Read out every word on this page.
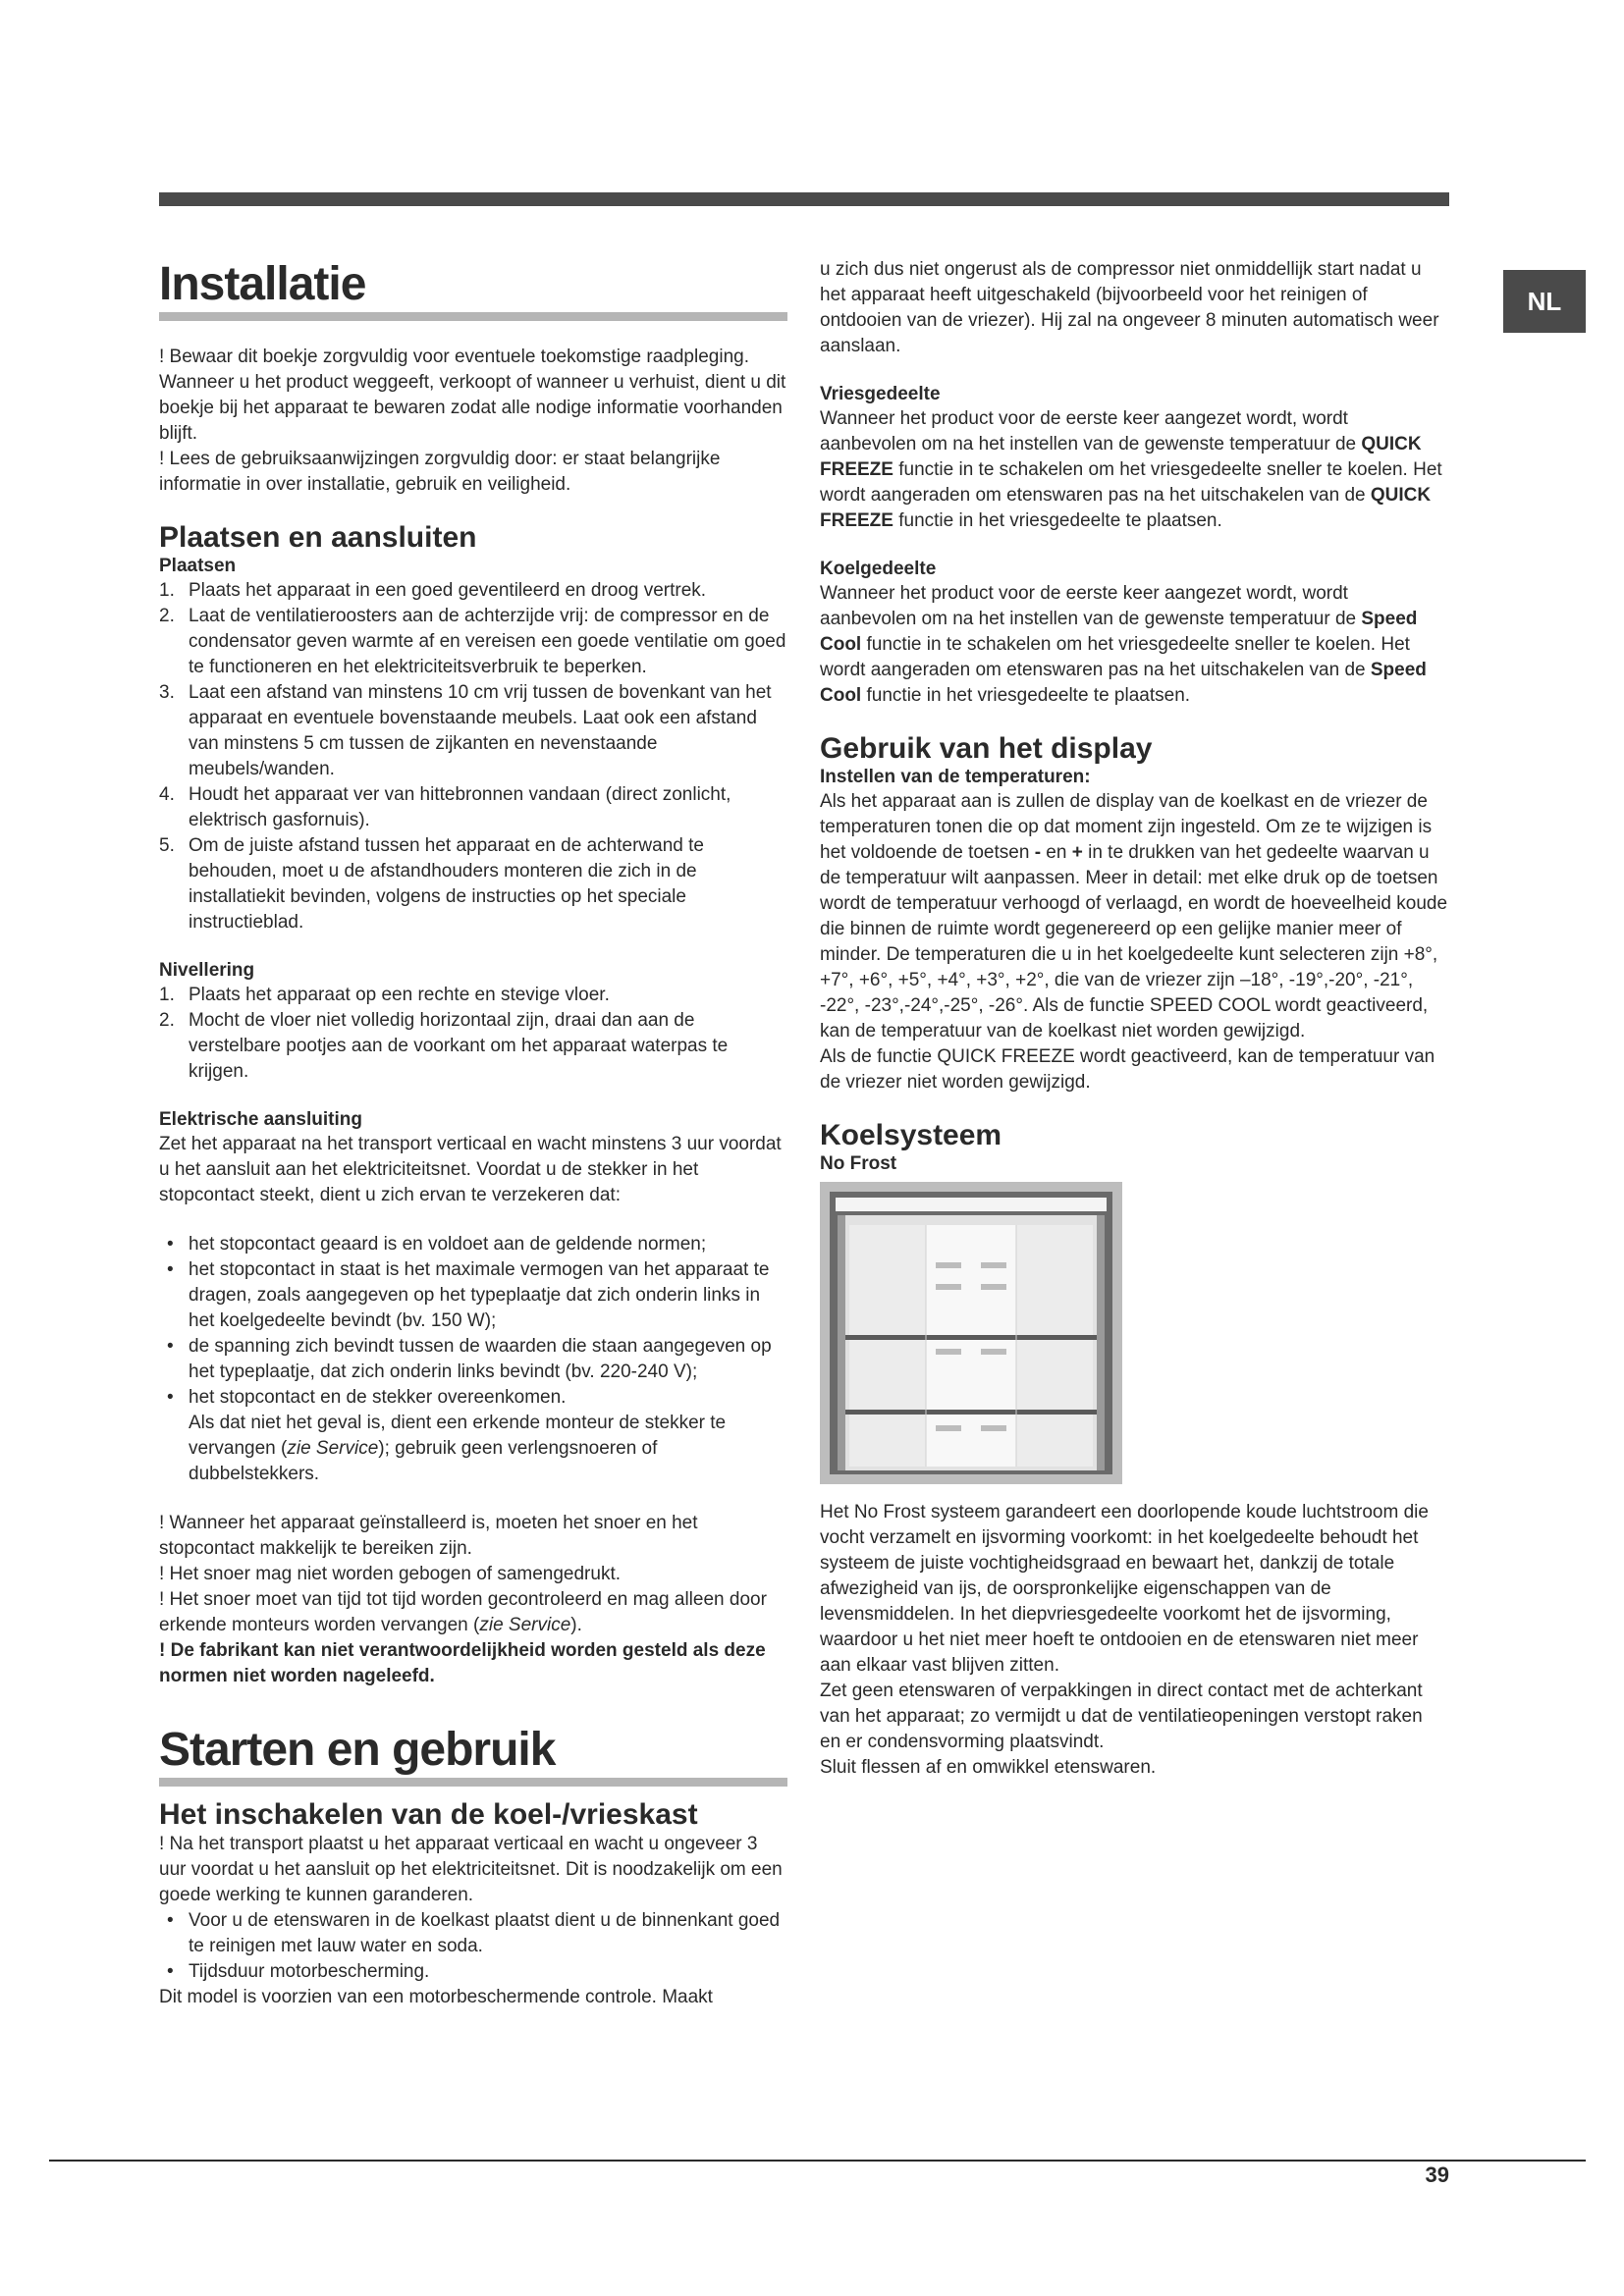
NL
Installatie

! Bewaar dit boekje zorgvuldig voor eventuele toekomstige raadpleging. Wanneer u het product weggeeft, verkoopt of wanneer u verhuist, dient u dit boekje bij het apparaat te bewaren zodat alle nodige informatie voorhanden blijft.

! Lees de gebruiksaanwijzingen zorgvuldig door: er staat belangrijke informatie in over installatie, gebruik en veiligheid.

Plaatsen en aansluiten
Plaatsen
1. Plaats het apparaat in een goed geventileerd en droog vertrek.
2. Laat de ventilatieroosters aan de achterzijde vrij: de compressor en de condensator geven warmte af en vereisen een goede ventilatie om goed te functioneren en het elektriciteitsverbruik te beperken.
3. Laat een afstand van minstens 10 cm vrij tussen de bovenkant van het apparaat en eventuele bovenstaande meubels. Laat ook een afstand van minstens 5 cm tussen de zijkanten en nevenstaande meubels/wanden.
4. Houdt het apparaat ver van hittebronnen vandaan (direct zonlicht, elektrisch gasfornuis).
5. Om de juiste afstand tussen het apparaat en de achterwand te behouden, moet u de afstandhouders monteren die zich in de installatiekit bevinden, volgens de instructies op het speciale instructieblad.
Nivellering
1. Plaats het apparaat op een rechte en stevige vloer.
2. Mocht de vloer niet volledig horizontaal zijn, draai dan aan de verstelbare pootjes aan de voorkant om het apparaat waterpas te krijgen.
Elektrische aansluiting

Zet het apparaat na het transport verticaal en wacht minstens 3 uur voordat u het aansluit aan het elektriciteitsnet. Voordat u de stekker in het stopcontact steekt, dient u zich ervan te verzekeren dat:

• het stopcontact geaard is en voldoet aan de geldende normen;
• het stopcontact in staat is het maximale vermogen van het apparaat te dragen, zoals aangegeven op het typeplaatje dat zich onderin links in het koelgedeelte bevindt (bv. 150 W);
• de spanning zich bevindt tussen de waarden die staan aangegeven op het typeplaatje, dat zich onderin links bevindt (bv. 220-240 V);
• het stopcontact en de stekker overeenkomen.

Als dat niet het geval is, dient een erkende monteur de stekker te vervangen (zie Service); gebruik geen verlengsnoeren of dubbelstekkers.

! Wanneer het apparaat geïnstalleerd is, moeten het snoer en het stopcontact makkelijk te bereiken zijn.

! Het snoer mag niet worden gebogen of samengedrukt.

! Het snoer moet van tijd tot tijd worden gecontroleerd en mag alleen door erkende monteurs worden vervangen (zie Service).

! De fabrikant kan niet verantwoordelijkheid worden gesteld als deze normen niet worden nageleefd.

Starten en gebruik
Het inschakelen van de koel-/vrieskast

! Na het transport plaatst u het apparaat verticaal en wacht u ongeveer 3 uur voordat u het aansluit op het elektriciteitsnet. Dit is noodzakelijk om een goede werking te kunnen garanderen.

• Voor u de etenswaren in de koelkast plaatst dient u de binnenkant goed te reinigen met lauw water en soda.
• Tijdsduur motorbescherming.

Dit model is voorzien van een motorbeschermende controle. Maakt

u zich dus niet ongerust als de compressor niet onmiddellijk start nadat u het apparaat heeft uitgeschakeld (bijvoorbeeld voor het reinigen of ontdooien van de vriezer). Hij zal na ongeveer 8 minuten automatisch weer aanslaan.

Vriesgedeelte

Wanneer het product voor de eerste keer aangezet wordt, wordt aanbevolen om na het instellen van de gewenste temperatuur de QUICK FREEZE functie in te schakelen om het vriesgedeelte sneller te koelen. Het wordt aangeraden om etenswaren pas na het uitschakelen van de QUICK FREEZE functie in het vriesgedeelte te plaatsen.

Koelgedeelte

Wanneer het product voor de eerste keer aangezet wordt, wordt aanbevolen om na het instellen van de gewenste temperatuur de Speed Cool functie in te schakelen om het vriesgedeelte sneller te koelen. Het wordt aangeraden om etenswaren pas na het uitschakelen van de Speed Cool functie in het vriesgedeelte te plaatsen.

Gebruik van het display
Instellen van de temperaturen:

Als het apparaat aan is zullen de display van de koelkast en de vriezer de temperaturen tonen die op dat moment zijn ingesteld. Om ze te wijzigen is het voldoende de toetsen - en + in te drukken van het gedeelte waarvan u de temperatuur wilt aanpassen. Meer in detail: met elke druk op de toetsen wordt de temperatuur verhoogd of verlaagd, en wordt de hoeveelheid koude die binnen de ruimte wordt gegenereerd op een gelijke manier meer of minder. De temperaturen die u in het koelgedeelte kunt selecteren zijn +8°, +7°, +6°, +5°, +4°, +3°, +2°, die van de vriezer zijn –18°, -19°,-20°, -21°, -22°, -23°,-24°,-25°, -26°. Als de functie SPEED COOL wordt geactiveerd, kan de temperatuur van de koelkast niet worden gewijzigd.

Als de functie QUICK FREEZE wordt geactiveerd, kan de temperatuur van de vriezer niet worden gewijzigd.

Koelsysteem
No Frost

Het No Frost systeem garandeert een doorlopende koude luchtstroom die vocht verzamelt en ijsvorming voorkomt: in het koelgedeelte behoudt het systeem de juiste vochtigheidsgraad en bewaart het, dankzij de totale afwezigheid van ijs, de oorspronkelijke eigenschappen van de levensmiddelen. In het diepvriesgedeelte voorkomt het de ijsvorming, waardoor u het niet meer hoeft te ontdooien en de etenswaren niet meer aan elkaar vast blijven zitten.

Zet geen etenswaren of verpakkingen in direct contact met de achterkant van het apparaat; zo vermijdt u dat de ventilatieopeningen verstopt raken en er condensvorming plaatsvindt.

Sluit flessen af en omwikkel etenswaren.

39
